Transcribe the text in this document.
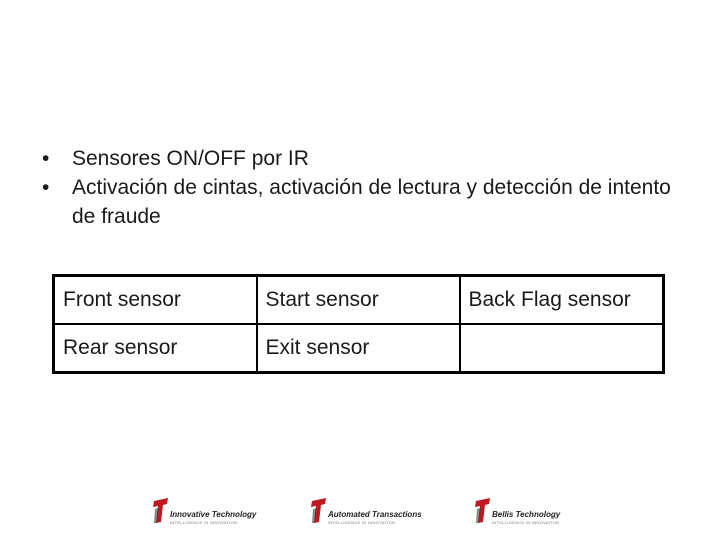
• Sensores ON/OFF por IR
• Activación de cintas, activación de lectura y detección de intento de fraude
Front sensor	Start sensor	Back Flag sensor
Rear sensor	Exit sensor	
Innovative Technology
INTELLIGENCE IN INNOVATION
Automated Transactions
INTELLIGENCE IN INNOVATION
Bellis Technology
INTELLIGENCE IN INNOVATION
